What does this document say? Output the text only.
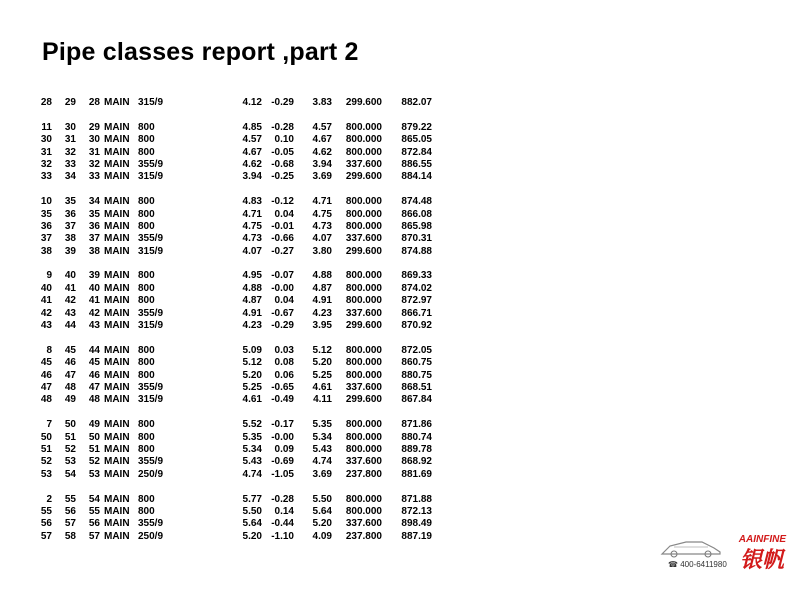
Pipe classes report ,part 2
28	29	28 MAIN 315/9	4.12 -0.29	3.83	299.600	882.07
11	30	29 MAIN 800	4.85 -0.28	4.57	800.000	879.22
30	31	30 MAIN 800	4.57	0.10	4.67	800.000	865.05
31	32	31 MAIN 800	4.67 -0.05	4.62	800.000	872.84
32	33	32 MAIN 355/9	4.62 -0.68	3.94	337.600	886.55
33	34	33 MAIN 315/9	3.94 -0.25	3.69	299.600	884.14
10	35	34 MAIN 800	4.83 -0.12	4.71	800.000	874.48
35	36	35 MAIN 800	4.71	0.04	4.75	800.000	866.08
36	37	36 MAIN 800	4.75 -0.01	4.73	800.000	865.98
37	38	37 MAIN 355/9	4.73 -0.66	4.07	337.600	870.31
38	39	38 MAIN 315/9	4.07 -0.27	3.80	299.600	874.88
9	40	39 MAIN 800	4.95 -0.07	4.88	800.000	869.33
40	41	40 MAIN 800	4.88 -0.00	4.87	800.000	874.02
41	42	41 MAIN 800	4.87	0.04	4.91	800.000	872.97
42	43	42 MAIN 355/9	4.91 -0.67	4.23	337.600	866.71
43	44	43 MAIN 315/9	4.23 -0.29	3.95	299.600	870.92
8	45	44 MAIN 800	5.09	0.03	5.12	800.000	872.05
45	46	45 MAIN 800	5.12	0.08	5.20	800.000	860.75
46	47	46 MAIN 800	5.20	0.06	5.25	800.000	880.75
47	48	47 MAIN 355/9	5.25 -0.65	4.61	337.600	868.51
48	49	48 MAIN 315/9	4.61 -0.49	4.11	299.600	867.84
7	50	49 MAIN 800	5.52 -0.17	5.35	800.000	871.86
50	51	50 MAIN 800	5.35 -0.00	5.34	800.000	880.74
51	52	51 MAIN 800	5.34	0.09	5.43	800.000	889.78
52	53	52 MAIN 355/9	5.43 -0.69	4.74	337.600	868.92
53	54	53 MAIN 250/9	4.74 -1.05	3.69	237.800	881.69
2	55	54 MAIN 800	5.77 -0.28	5.50	800.000	871.88
55	56	55 MAIN 800	5.50	0.14	5.64	800.000	872.13
56	57	56 MAIN 355/9	5.64 -0.44	5.20	337.600	898.49
57	58	57 MAIN 250/9	5.20 -1.10	4.09	237.800	887.19	AAINFINE
银帆
☎ 400-6411980
